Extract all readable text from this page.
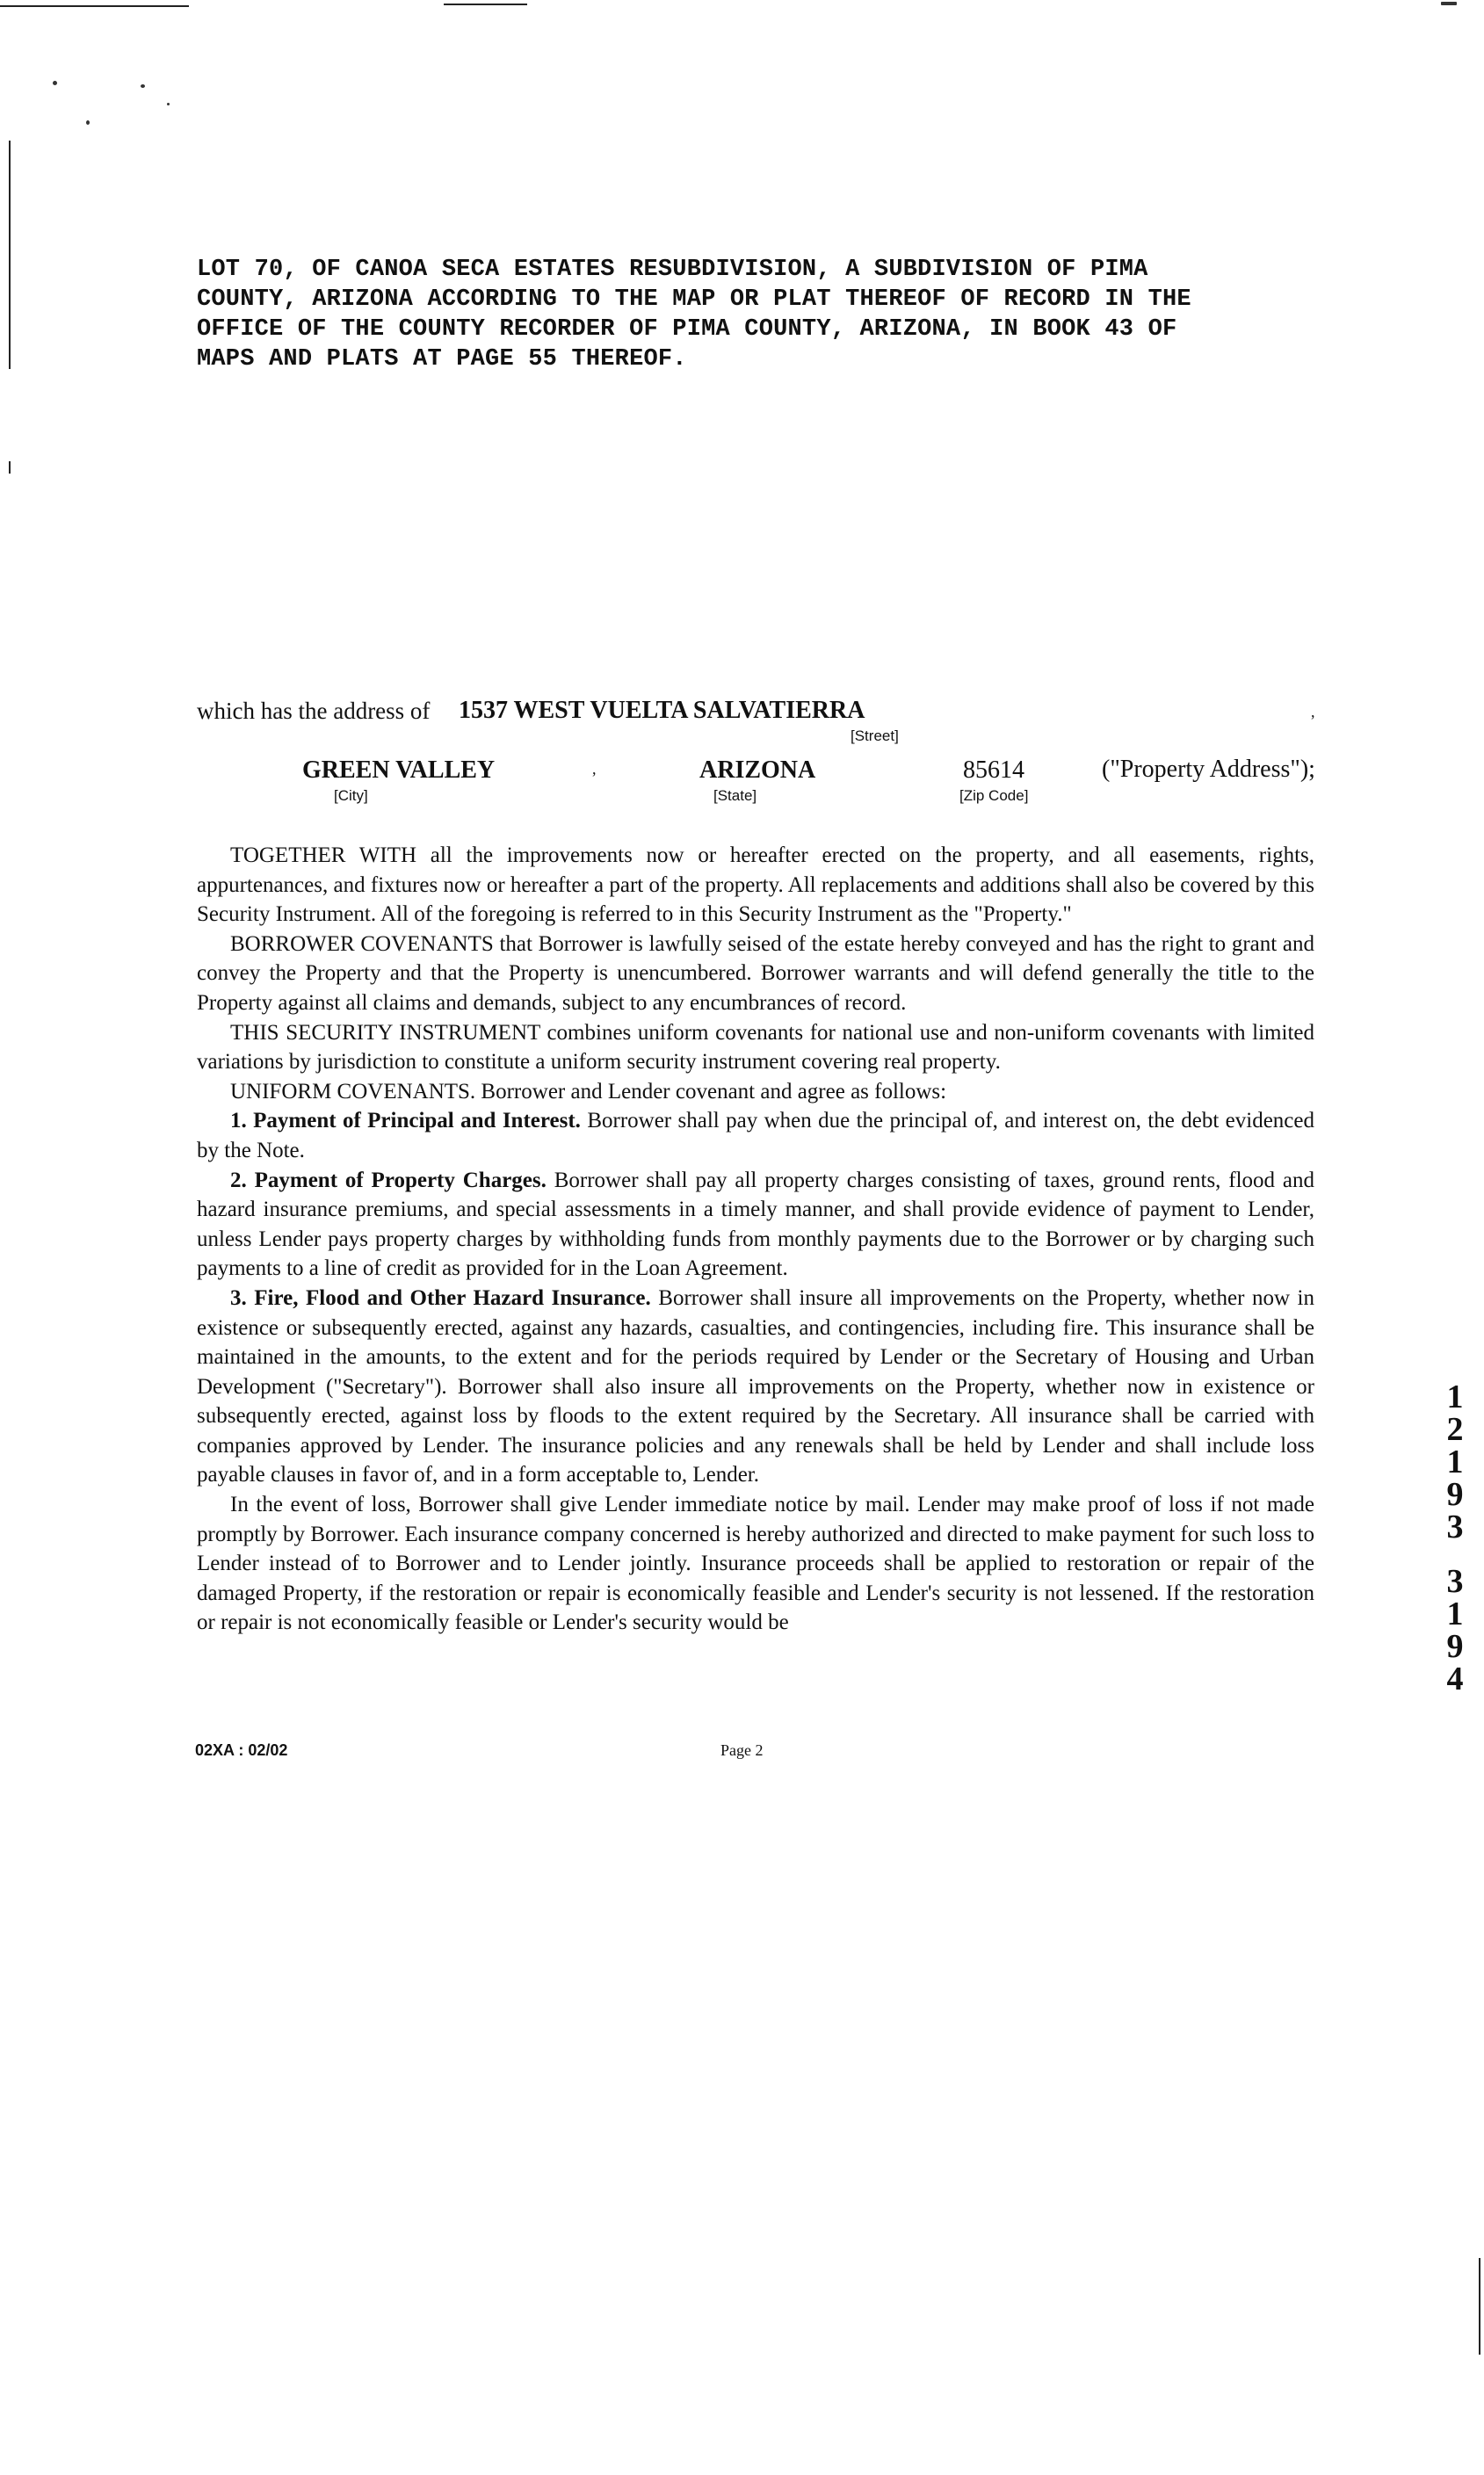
LOT 70, OF CANOA SECA ESTATES RESUBDIVISION, A SUBDIVISION OF PIMA
COUNTY, ARIZONA ACCORDING TO THE MAP OR PLAT THEREOF OF RECORD IN THE
OFFICE OF THE COUNTY RECORDER OF PIMA COUNTY, ARIZONA, IN BOOK 43 OF
MAPS AND PLATS AT PAGE 55 THEREOF.

which has the address of 1537 WEST VUELTA SALVATIERRA
[Street]
,
GREEN VALLEY
[City]
,	ARIZONA
[State]
85614
[Zip Code]
("Property Address");

TOGETHER WITH all the improvements now or hereafter erected on the property, and all easements, rights, appurtenances, and fixtures now or hereafter a part of the property. All replacements and additions shall also be covered by this Security Instrument. All of the foregoing is referred to in this Security Instrument as the "Property."

BORROWER COVENANTS that Borrower is lawfully seised of the estate hereby conveyed and has the right to grant and convey the Property and that the Property is unencumbered. Borrower warrants and will defend generally the title to the Property against all claims and demands, subject to any encumbrances of record.

THIS SECURITY INSTRUMENT combines uniform covenants for national use and non-uniform covenants with limited variations by jurisdiction to constitute a uniform security instrument covering real property.

UNIFORM COVENANTS. Borrower and Lender covenant and agree as follows:

1. Payment of Principal and Interest. Borrower shall pay when due the principal of, and interest on, the debt evidenced by the Note.

2. Payment of Property Charges. Borrower shall pay all property charges consisting of taxes, ground rents, flood and hazard insurance premiums, and special assessments in a timely manner, and shall provide evidence of payment to Lender, unless Lender pays property charges by withholding funds from monthly payments due to the Borrower or by charging such payments to a line of credit as provided for in the Loan Agreement.

3. Fire, Flood and Other Hazard Insurance. Borrower shall insure all improvements on the Property, whether now in existence or subsequently erected, against any hazards, casualties, and contingencies, including fire. This insurance shall be maintained in the amounts, to the extent and for the periods required by Lender or the Secretary of Housing and Urban Development ("Secretary"). Borrower shall also insure all improvements on the Property, whether now in existence or subsequently erected, against loss by floods to the extent required by the Secretary. All insurance shall be carried with companies approved by Lender. The insurance policies and any renewals shall be held by Lender and shall include loss payable clauses in favor of, and in a form acceptable to, Lender.

In the event of loss, Borrower shall give Lender immediate notice by mail. Lender may make proof of loss if not made promptly by Borrower. Each insurance company concerned is hereby authorized and directed to make payment for such loss to Lender instead of to Borrower and to Lender jointly. Insurance proceeds shall be applied to restoration or repair of the damaged Property, if the restoration or repair is economically feasible and Lender's security is not lessened. If the restoration or repair is not economically feasible or Lender's security would be

02XA : 02/02	Page 2
1
2
1
9
3
3
1
9
4
